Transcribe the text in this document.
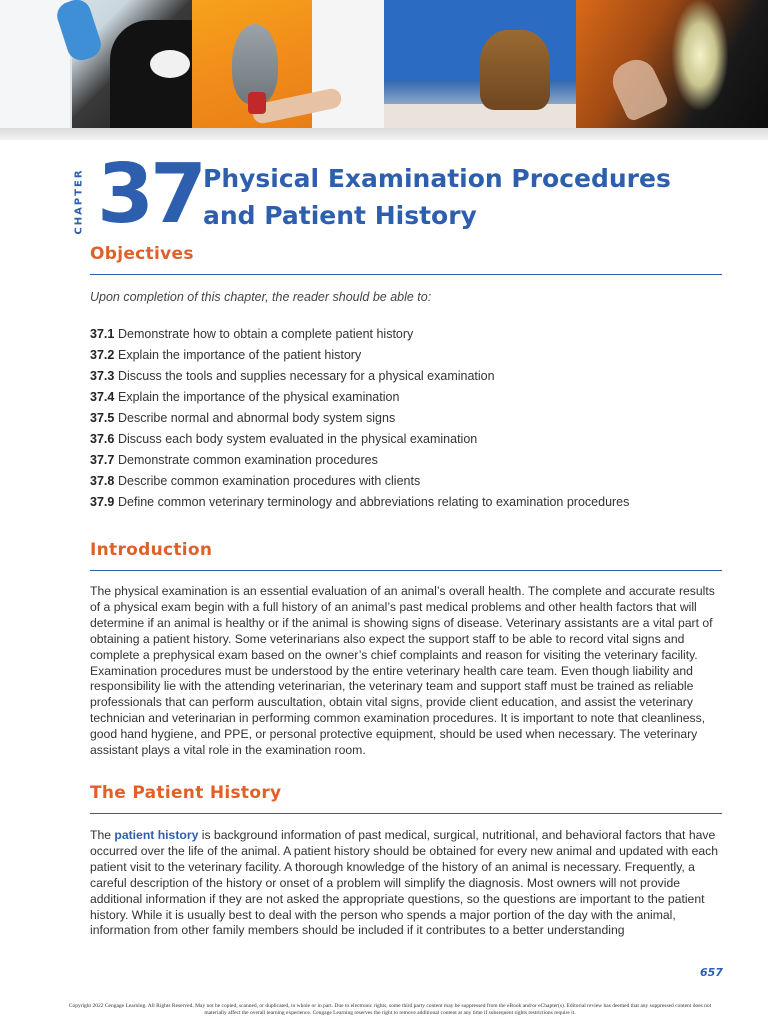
CHAPTER 37 Physical Examination Procedures and Patient History
Objectives
Upon completion of this chapter, the reader should be able to:
37.1 Demonstrate how to obtain a complete patient history
37.2 Explain the importance of the patient history
37.3 Discuss the tools and supplies necessary for a physical examination
37.4 Explain the importance of the physical examination
37.5 Describe normal and abnormal body system signs
37.6 Discuss each body system evaluated in the physical examination
37.7 Demonstrate common examination procedures
37.8 Describe common examination procedures with clients
37.9 Define common veterinary terminology and abbreviations relating to examination procedures
Introduction

The physical examination is an essential evaluation of an animal’s overall health. The complete and accurate results of a physical exam begin with a full history of an animal’s past medical problems and other health factors that will determine if an animal is healthy or if the animal is showing signs of disease. Veterinary assistants are a vital part of obtaining a patient history. Some veterinarians also expect the support staff to be able to record vital signs and complete a prephysical exam based on the owner’s chief complaints and reason for visiting the veterinary facility. Examination procedures must be understood by the entire veterinary health care team. Even though liability and responsibility lie with the attending veterinarian, the veterinary team and support staff must be trained as reliable professionals that can perform auscultation, obtain vital signs, provide client education, and assist the veterinary technician and veterinarian in performing common examination procedures. It is important to note that cleanliness, good hand hygiene, and PPE, or personal protective equipment, should be used when necessary. The veterinary assistant plays a vital role in the examination room.

The Patient History

The patient history is background information of past medical, surgical, nutritional, and behavioral factors that have occurred over the life of the animal. A patient history should be obtained for every new animal and updated with each patient visit to the veterinary facility. A thorough knowledge of the history of an animal is necessary. Frequently, a careful description of the history or onset of a problem will simplify the diagnosis. Most owners will not provide additional information if they are not asked the appropriate questions, so the questions are important to the patient history. While it is usually best to deal with the person who spends a major portion of the day with the animal, information from other family members should be included if it contributes to a better understanding

657
Copyright 2022 Cengage Learning. All Rights Reserved. May not be copied, scanned, or duplicated, in whole or in part. Due to electronic rights, some third party content may be suppressed from the eBook and/or eChapter(s). Editorial review has deemed that any suppressed content does not materially affect the overall learning experience. Cengage Learning reserves the right to remove additional content at any time if subsequent rights restrictions require it.
